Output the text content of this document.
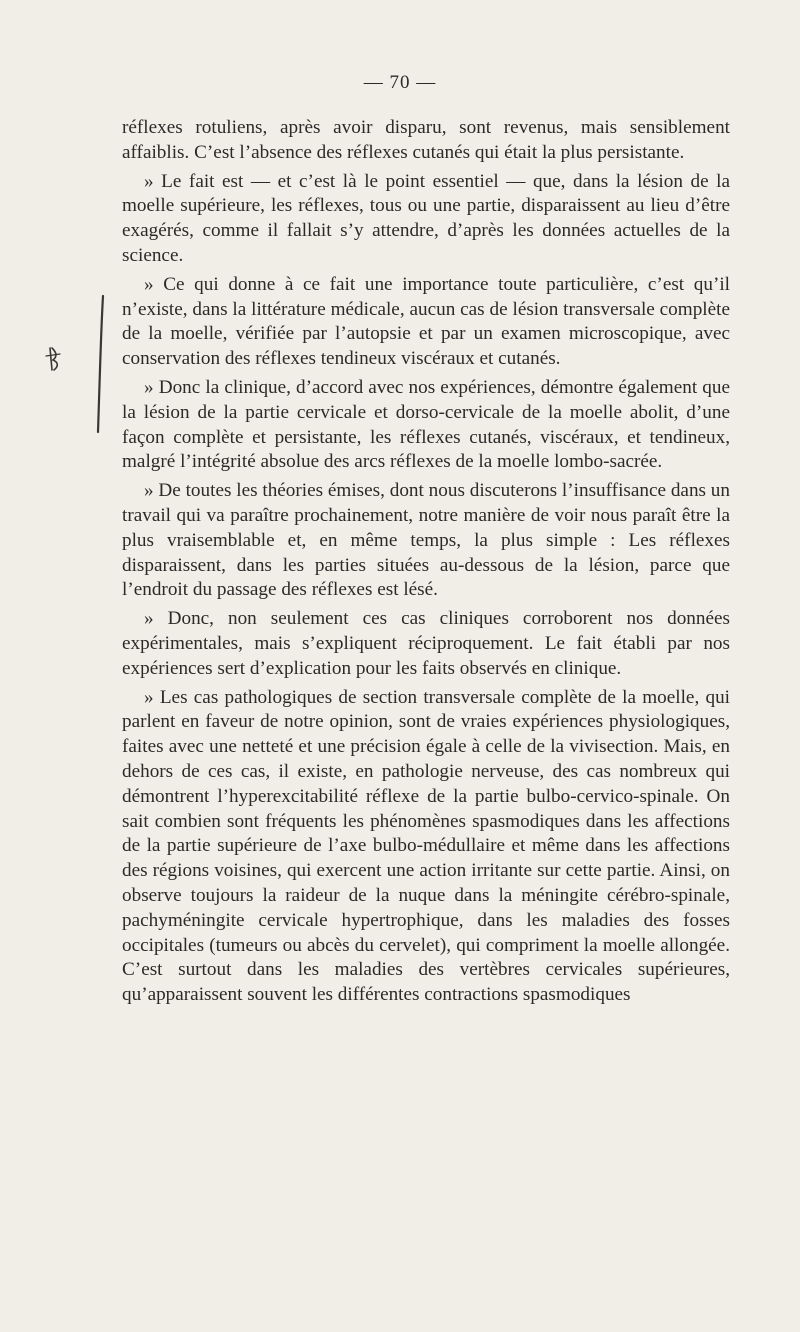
— 70 —

réflexes rotuliens, après avoir disparu, sont revenus, mais sensiblement affaiblis. C’est l’absence des réflexes cutanés qui était la plus persistante.

» Le fait est — et c’est là le point essentiel — que, dans la lésion de la moelle supérieure, les réflexes, tous ou une partie, disparaissent au lieu d’être exagérés, comme il fallait s’y attendre, d’après les données actuelles de la science.

» Ce qui donne à ce fait une importance toute particulière, c’est qu’il n’existe, dans la littérature médicale, aucun cas de lésion transversale complète de la moelle, vérifiée par l’autopsie et par un examen microscopique, avec conservation des réflexes tendineux viscéraux et cutanés.

» Donc la clinique, d’accord avec nos expériences, démontre également que la lésion de la partie cervicale et dorso-cervicale de la moelle abolit, d’une façon complète et persistante, les réflexes cutanés, viscéraux, et tendineux, malgré l’intégrité absolue des arcs réflexes de la moelle lombo-sacrée.

» De toutes les théories émises, dont nous discuterons l’insuffisance dans un travail qui va paraître prochainement, notre manière de voir nous paraît être la plus vraisemblable et, en même temps, la plus simple : Les réflexes disparaissent, dans les parties situées au-dessous de la lésion, parce que l’endroit du passage des réflexes est lésé.

» Donc, non seulement ces cas cliniques corroborent nos données expérimentales, mais s’expliquent réciproquement. Le fait établi par nos expériences sert d’explication pour les faits observés en clinique.

» Les cas pathologiques de section transversale complète de la moelle, qui parlent en faveur de notre opinion, sont de vraies expériences physiologiques, faites avec une netteté et une précision égale à celle de la vivisection. Mais, en dehors de ces cas, il existe, en pathologie nerveuse, des cas nombreux qui démontrent l’hyperexcitabilité réflexe de la partie bulbo-cervico-spinale. On sait combien sont fréquents les phénomènes spasmodiques dans les affections de la partie supérieure de l’axe bulbo-médullaire et même dans les affections des régions voisines, qui exercent une action irritante sur cette partie. Ainsi, on observe toujours la raideur de la nuque dans la méningite cérébro-spinale, pachyméningite cervicale hypertrophique, dans les maladies des fosses occipitales (tumeurs ou abcès du cervelet), qui compriment la moelle allongée. C’est surtout dans les maladies des vertèbres cervicales supérieures, qu’apparaissent souvent les différentes contractions spasmodiques
